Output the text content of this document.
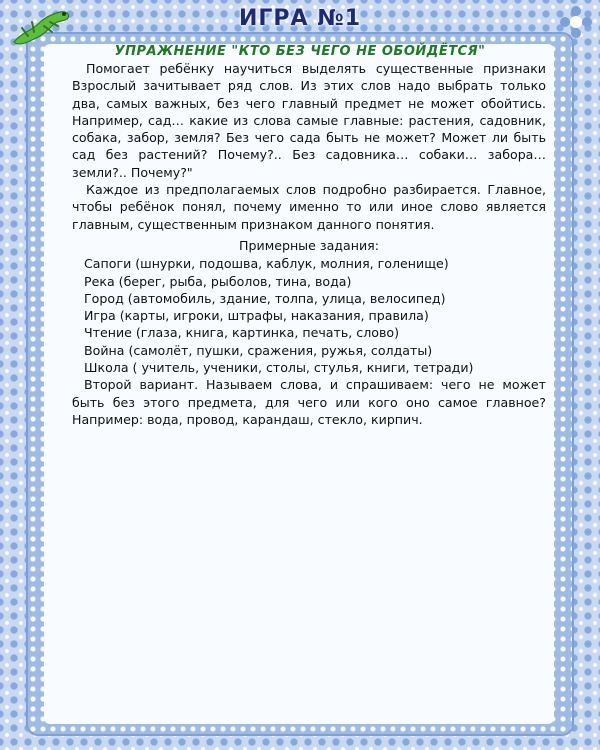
ИГРА №1
УПРАЖНЕНИЕ "КТО БЕЗ ЧЕГО НЕ ОБОЙДЁТСЯ"

Помогает ребёнку научиться выделять существенные признаки Взрослый зачитывает ряд слов. Из этих слов надо выбрать только два, самых важных, без чего главный предмет не может обойтись. Например, сад… какие из слова самые главные: растения, садовник, собака, забор, земля? Без чего сада быть не может? Может ли быть сад без растений? Почему?.. Без садовника… собаки… забора… земли?.. Почему?"

Каждое из предполагаемых слов подробно разбирается. Главное, чтобы ребёнок понял, почему именно то или иное слово является главным, существенным признаком данного понятия.

Примерные задания:

Сапоги (шнурки, подошва, каблук, молния, голенище)

Река (берег, рыба, рыболов, тина, вода)

Город (автомобиль, здание, толпа, улица, велосипед)

Игра (карты, игроки, штрафы, наказания, правила)

Чтение (глаза, книга, картинка, печать, слово)

Война (самолёт, пушки, сражения, ружья, солдаты)

Школа ( учитель, ученики, столы, стулья, книги, тетради)

Второй вариант. Называем слова, и спрашиваем: чего не может быть без этого предмета, для чего или кого оно самое главное? Например: вода, провод, карандаш, стекло, кирпич.
